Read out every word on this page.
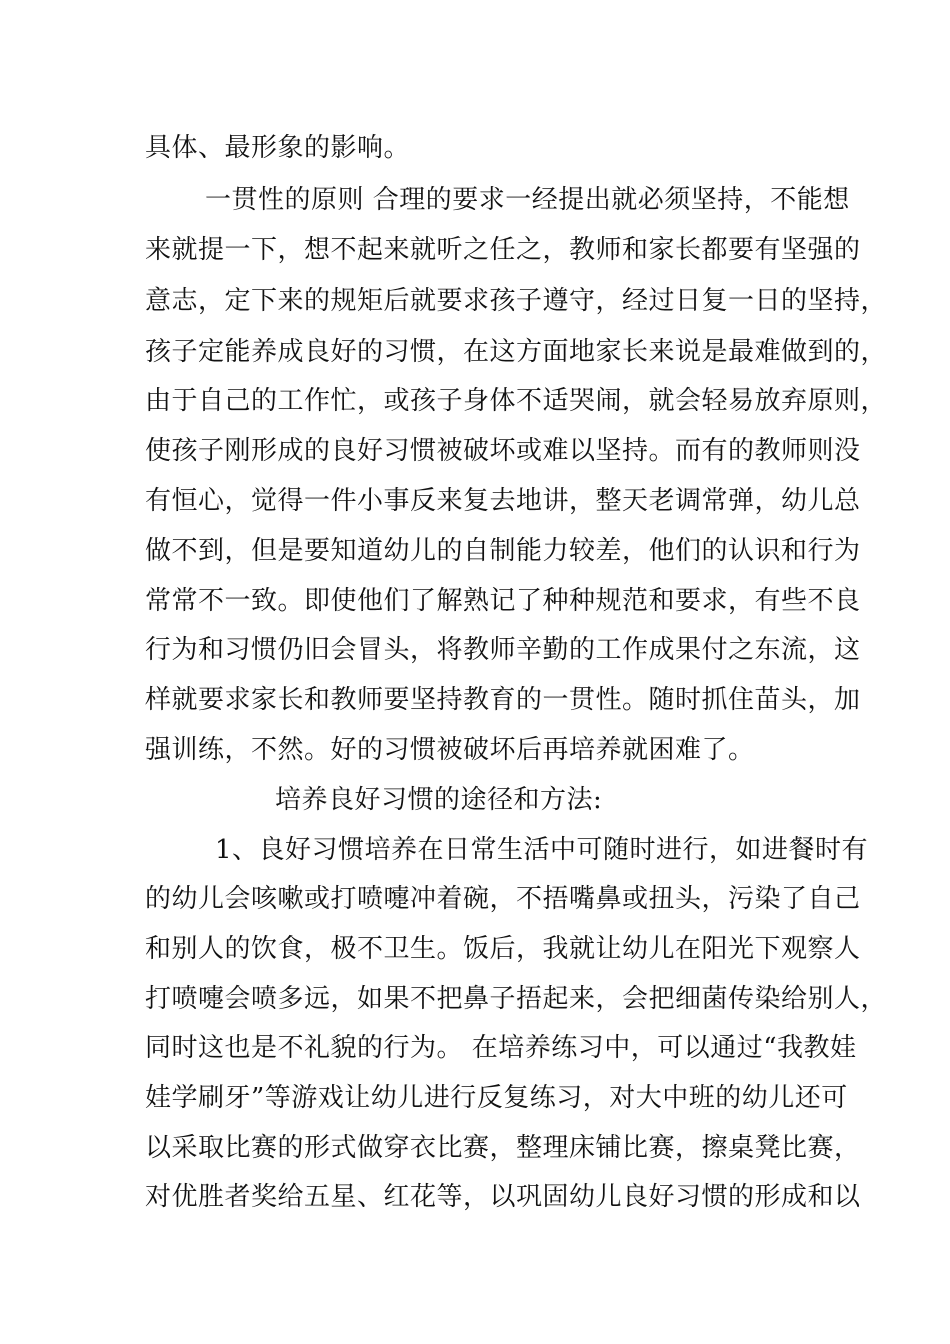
具体、最形象的影响。
一贯性的原则 合理的要求一经提出就必须坚持，不能想
来就提一下，想不起来就听之任之，教师和家长都要有坚强的
意志，定下来的规矩后就要求孩子遵守，经过日复一日的坚持，
孩子定能养成良好的习惯，在这方面地家长来说是最难做到的，
由于自己的工作忙，或孩子身体不适哭闹，就会轻易放弃原则，
使孩子刚形成的良好习惯被破坏或难以坚持。而有的教师则没
有恒心，觉得一件小事反来复去地讲，整天老调常弹，幼儿总
做不到，但是要知道幼儿的自制能力较差，他们的认识和行为
常常不一致。即使他们了解熟记了种种规范和要求，有些不良
行为和习惯仍旧会冒头，将教师辛勤的工作成果付之东流，这
样就要求家长和教师要坚持教育的一贯性。随时抓住苗头，加
强训练，不然。好的习惯被破坏后再培养就困难了。
培养良好习惯的途径和方法:
1、良好习惯培养在日常生活中可随时进行，如进餐时有
的幼儿会咳嗽或打喷嚏冲着碗，不捂嘴鼻或扭头，污染了自己
和别人的饮食，极不卫生。饭后，我就让幼儿在阳光下观察人
打喷嚏会喷多远，如果不把鼻子捂起来，会把细菌传染给别人，
同时这也是不礼貌的行为。 在培养练习中，可以通过“我教娃
娃学刷牙”等游戏让幼儿进行反复练习，对大中班的幼儿还可
以采取比赛的形式做穿衣比赛，整理床铺比赛，擦桌凳比赛，
对优胜者奖给五星、红花等，以巩固幼儿良好习惯的形成和以
